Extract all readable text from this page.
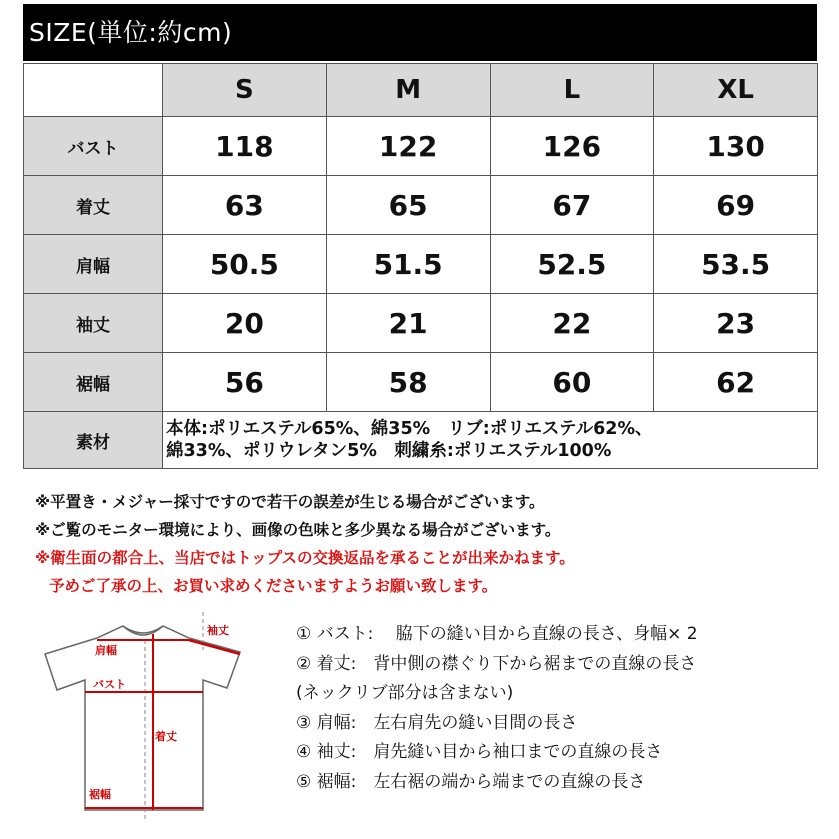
SIZE(単位:約cm)
	S	M	L	XL
バスト	118	122	126	130
着丈	63	65	67	69
肩幅	50.5	51.5	52.5	53.5
袖丈	20	21	22	23
裾幅	56	58	60	62
素材	本体:ポリエステル65%、綿35%　リブ:ポリエステル62%、
綿33%、ポリウレタン5%　刺繍糸:ポリエステル100%			
※平置き・メジャー採寸ですので若干の誤差が生じる場合がございます。
※ご覧のモニター環境により、画像の色味と多少異なる場合がございます。
※衛生面の都合上、当店ではトップスの交換返品を承ることが出来かねます。
予めご了承の上、お買い求めくださいますようお願い致します。
袖丈
肩幅
バスト
着丈
裾幅
① バスト:　 脇下の縫い目から直線の長さ、身幅× 2
② 着丈:　背中側の襟ぐり下から裾までの直線の長さ
(ネックリブ部分は含まない)
③ 肩幅:　左右肩先の縫い目間の長さ
④ 袖丈:　肩先縫い目から袖口までの直線の長さ
⑤ 裾幅:　左右裾の端から端までの直線の長さ
